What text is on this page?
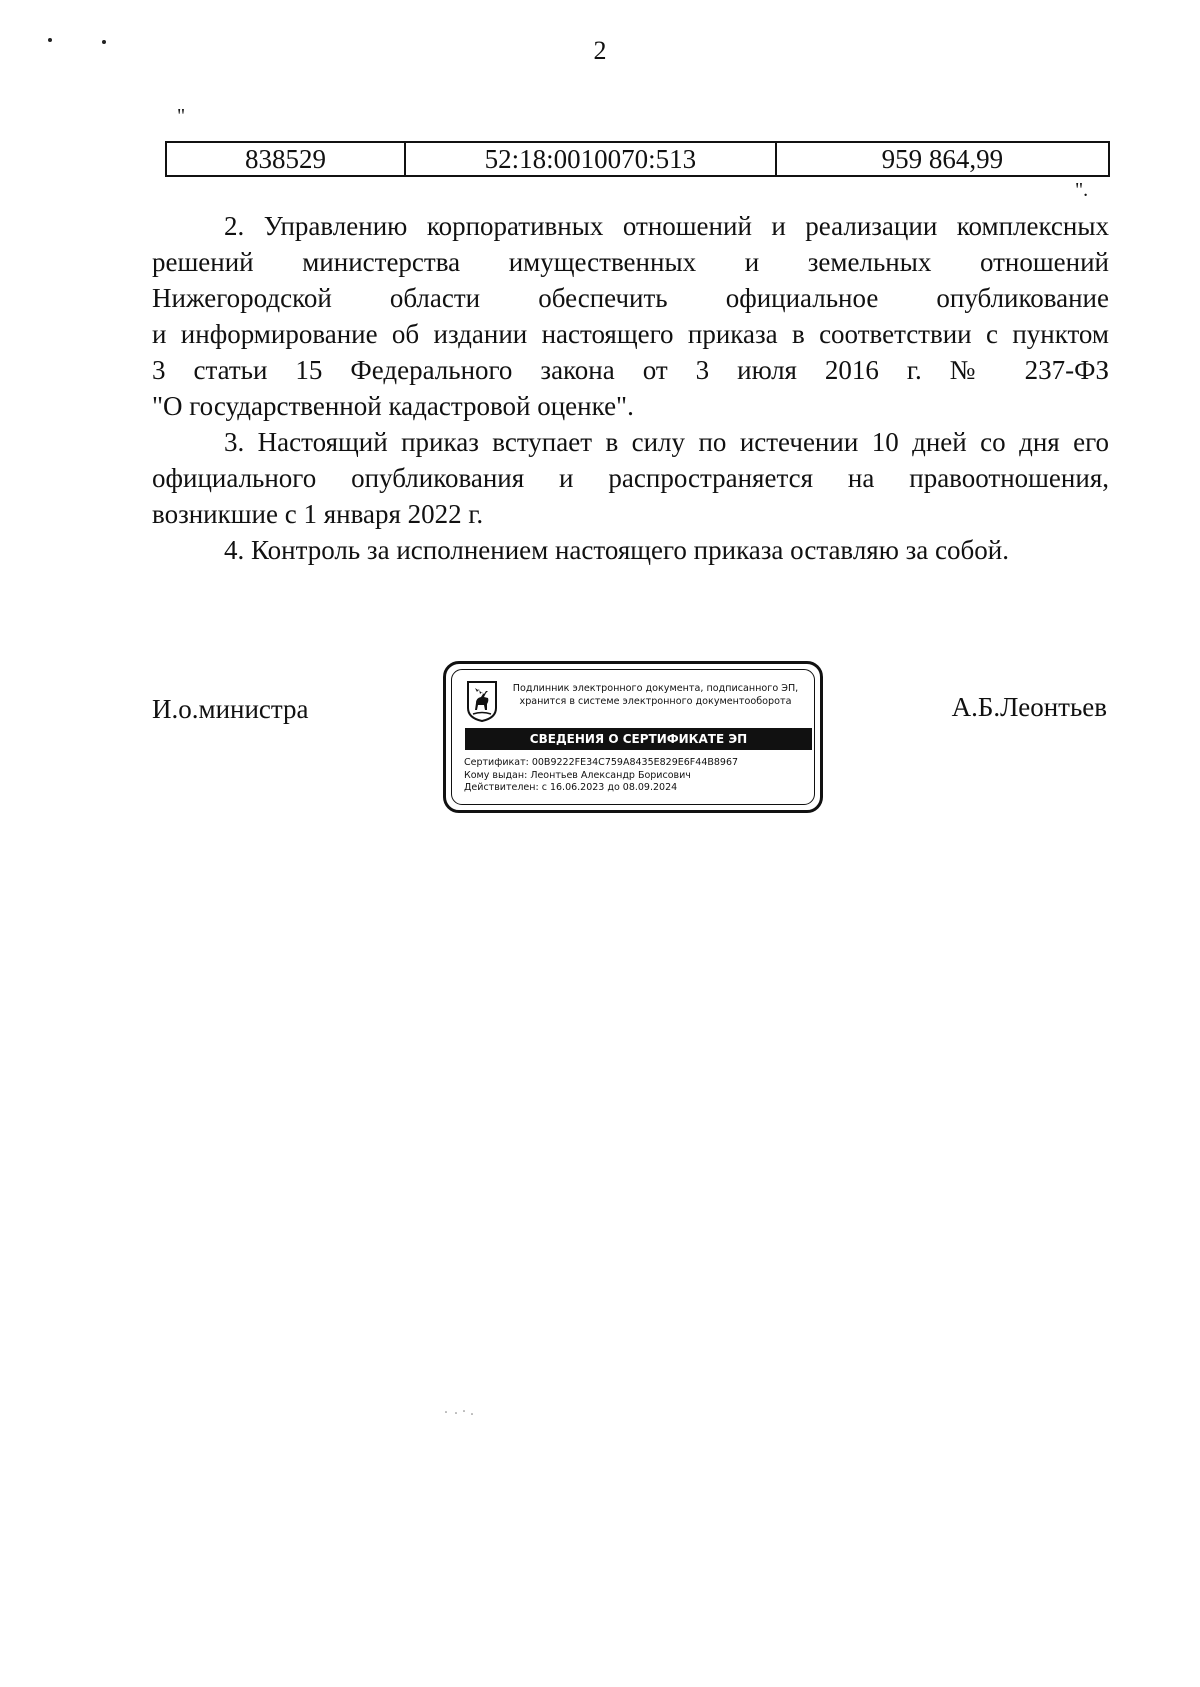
2
"
838529	52:18:0010070:513	959 864,99
".

2. Управлению корпоративных отношений и реализации комплексных

решений министерства имущественных и земельных отношений

Нижегородской области обеспечить официальное опубликование

и информирование об издании настоящего приказа в соответствии с пунктом

3 статьи 15 Федерального закона от 3 июля 2016 г. № 237-ФЗ

"О государственной кадастровой оценке".

3. Настоящий приказ вступает в силу по истечении 10 дней со дня его

официального опубликования и распространяется на правоотношения,

возникшие с 1 января 2022 г.

4. Контроль за исполнением настоящего приказа оставляю за собой.

И.о.министра	А.Б.Леонтьев
Подлинник электронного документа, подписанного ЭП,
хранится в системе электронного документооборота
СВЕДЕНИЯ О СЕРТИФИКАТЕ ЭП
Сертификат: 00B9222FE34C759A8435E829E6F44B8967
Кому выдан: Леонтьев Александр Борисович
Действителен: с 16.06.2023 до 08.09.2024
